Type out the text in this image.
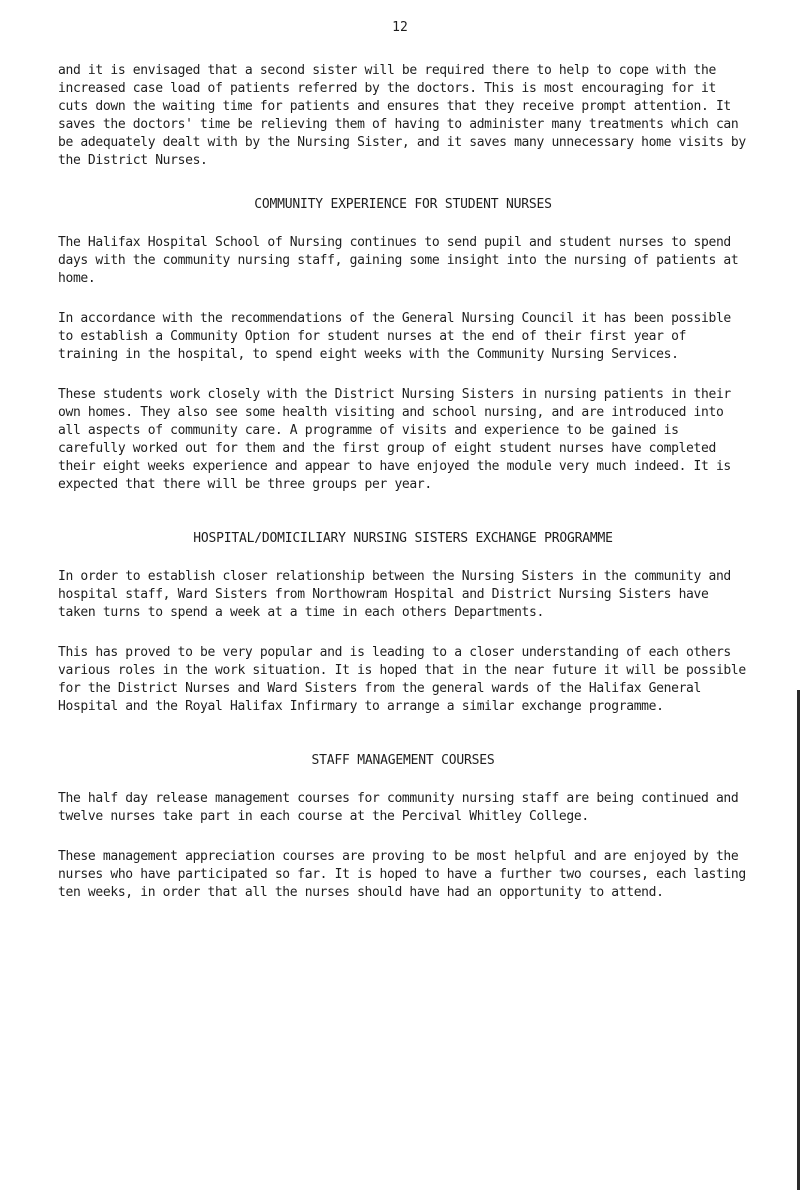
12

and it is envisaged that a second sister will be required there to help to cope with the increased case load of patients referred by the doctors. This is most encouraging for it cuts down the waiting time for patients and ensures that they receive prompt attention. It saves the doctors' time be relieving them of having to administer many treatments which can be adequately dealt with by the Nursing Sister, and it saves many unnecessary home visits by the District Nurses.

COMMUNITY EXPERIENCE FOR STUDENT NURSES

The Halifax Hospital School of Nursing continues to send pupil and student nurses to spend days with the community nursing staff, gaining some insight into the nursing of patients at home.

In accordance with the recommendations of the General Nursing Council it has been possible to establish a Community Option for student nurses at the end of their first year of training in the hospital, to spend eight weeks with the Community Nursing Services.

These students work closely with the District Nursing Sisters in nursing patients in their own homes. They also see some health visiting and school nursing, and are introduced into all aspects of community care. A programme of visits and experience to be gained is carefully worked out for them and the first group of eight student nurses have completed their eight weeks experience and appear to have enjoyed the module very much indeed. It is expected that there will be three groups per year.

HOSPITAL/DOMICILIARY NURSING SISTERS EXCHANGE PROGRAMME

In order to establish closer relationship between the Nursing Sisters in the community and hospital staff, Ward Sisters from Northowram Hospital and District Nursing Sisters have taken turns to spend a week at a time in each others Departments.

This has proved to be very popular and is leading to a closer understanding of each others various roles in the work situation. It is hoped that in the near future it will be possible for the District Nurses and Ward Sisters from the general wards of the Halifax General Hospital and the Royal Halifax Infirmary to arrange a similar exchange programme.

STAFF MANAGEMENT COURSES

The half day release management courses for community nursing staff are being continued and twelve nurses take part in each course at the Percival Whitley College.

These management appreciation courses are proving to be most helpful and are enjoyed by the nurses who have participated so far. It is hoped to have a further two courses, each lasting ten weeks, in order that all the nurses should have had an opportunity to attend.
